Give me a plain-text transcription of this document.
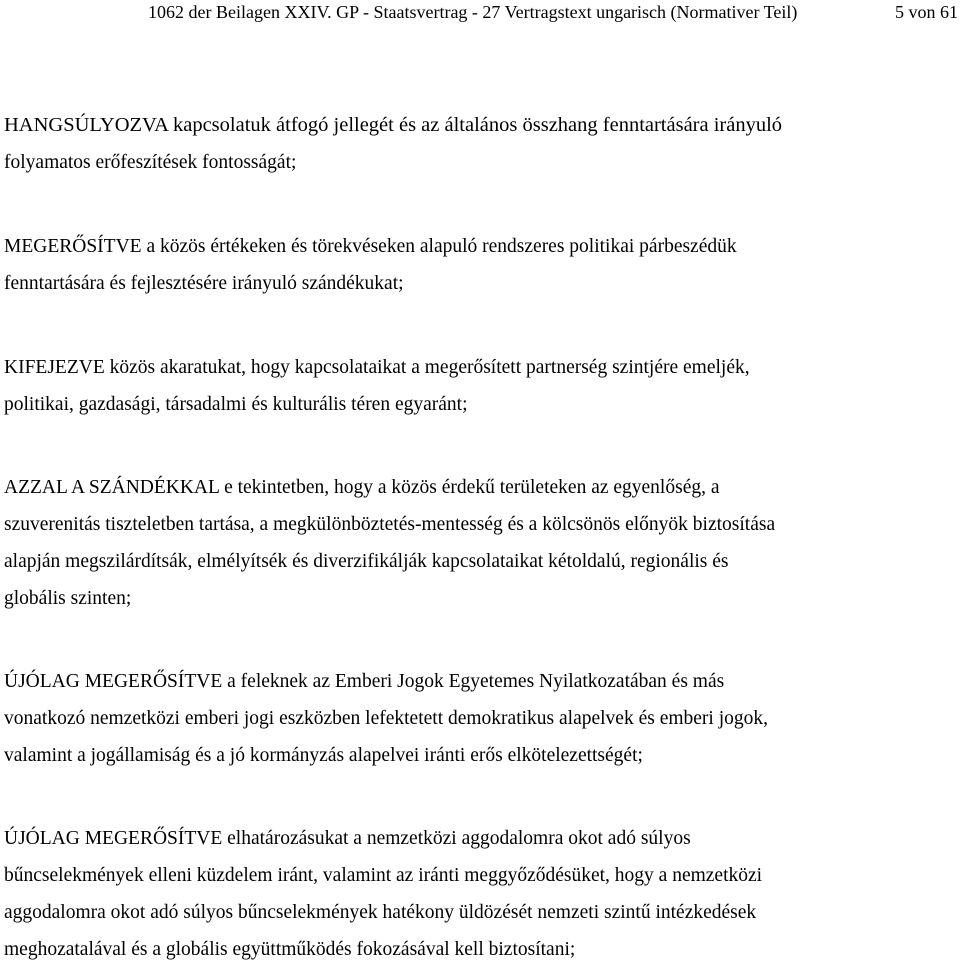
1062 der Beilagen XXIV. GP - Staatsvertrag - 27 Vertragstext ungarisch (Normativer Teil)	5 von 61

HANGSÚLYOZVA kapcsolatuk átfogó jellegét és az általános összhang fenntartására irányuló
folyamatos erőfeszítések fontosságát;

MEGERŐSÍTVE a közös értékeken és törekvéseken alapuló rendszeres politikai párbeszédük
fenntartására és fejlesztésére irányuló szándékukat;

KIFEJEZVE közös akaratukat, hogy kapcsolataikat a megerősített partnerség szintjére emeljék,
politikai, gazdasági, társadalmi és kulturális téren egyaránt;

AZZAL A SZÁNDÉKKAL e tekintetben, hogy a közös érdekű területeken az egyenlőség, a
szuverenitás tiszteletben tartása, a megkülönböztetés-mentesség és a kölcsönös előnyök biztosítása
alapján megszilárdítsák, elmélyítsék és diverzifikálják kapcsolataikat kétoldalú, regionális és
globális szinten;

ÚJÓLAG MEGERŐSÍTVE a feleknek az Emberi Jogok Egyetemes Nyilatkozatában és más
vonatkozó nemzetközi emberi jogi eszközben lefektetett demokratikus alapelvek és emberi jogok,
valamint a jogállamiság és a jó kormányzás alapelvei iránti erős elkötelezettségét;

ÚJÓLAG MEGERŐSÍTVE elhatározásukat a nemzetközi aggodalomra okot adó súlyos
bűncselekmények elleni küzdelem iránt, valamint az iránti meggyőződésüket, hogy a nemzetközi
aggodalomra okot adó súlyos bűncselekmények hatékony üldözését nemzeti szintű intézkedések
meghozatalával és a globális együttműködés fokozásával kell biztosítani;
